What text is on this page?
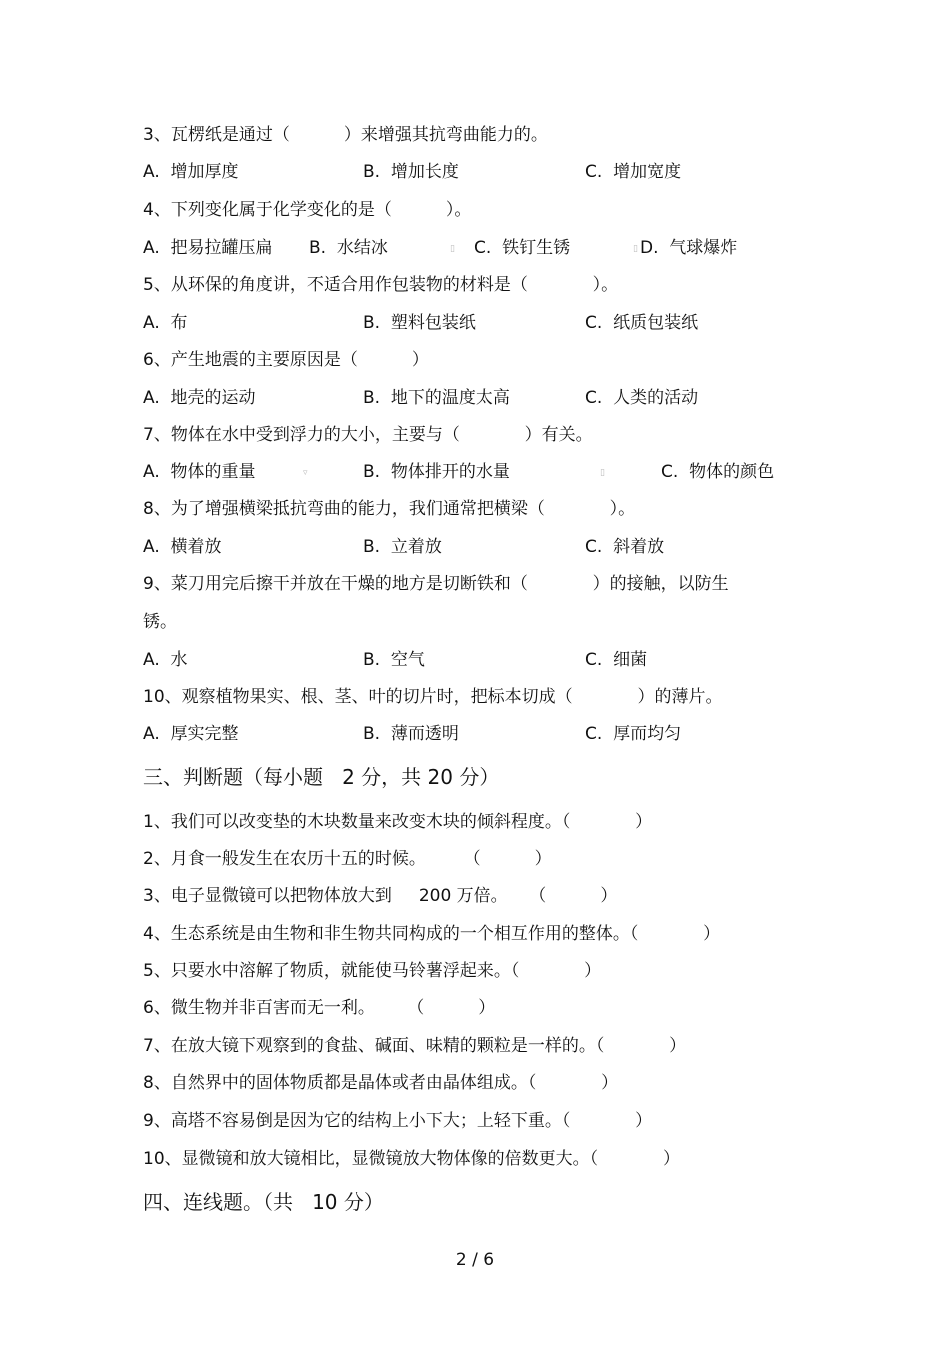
3、瓦楞纸是通过（          ）来增强其抗弯曲能力的。
A.  增加厚度	B.  增加长度	C.  增加宽度
4、下列变化属于化学变化的是（          ）。
A.  把易拉罐压扁 B.  水结冰	▯ C.  铁钉生锈	▯ D.  气球爆炸
5、从环保的角度讲，不适合用作包装物的材料是（            ）。
A.  布	B.  塑料包装纸	C.  纸质包装纸
6、产生地震的主要原因是（          ）
A.  地壳的运动	B.  地下的温度太高	C.  人类的活动
7、物体在水中受到浮力的大小，主要与（            ）有关。
A.  物体的重量	▿	B.  物体排开的水量	▯	C.  物体的颜色
8、为了增强横梁抵抗弯曲的能力，我们通常把横梁（            ）。
A.  横着放	B.  立着放	C.  斜着放
9、菜刀用完后擦干并放在干燥的地方是切断铁和（            ）的接触，以防生
锈。
A.  水	B.  空气	C.  细菌
10、观察植物果实、根、茎、叶的切片时，把标本切成（            ）的薄片。
A.  厚实完整	B.  薄而透明	C.  厚而均匀
三、判断题（每小题   2 分，共 20 分）
1、我们可以改变垫的木块数量来改变木块的倾斜程度。（            ）
2、月食一般发生在农历十五的时候。       （          ）
3、电子显微镜可以把物体放大到     200 万倍。    （          ）
4、生态系统是由生物和非生物共同构成的一个相互作用的整体。（            ）
5、只要水中溶解了物质，就能使马铃薯浮起来。（            ）
6、微生物并非百害而无一利。      （          ）
7、在放大镜下观察到的食盐、碱面、味精的颗粒是一样的。（            ）
8、自然界中的固体物质都是晶体或者由晶体组成。（            ）
9、高塔不容易倒是因为它的结构上小下大；上轻下重。（            ）
10、显微镜和放大镜相比，显微镜放大物体像的倍数更大。（            ）
四、连线题。（共   10 分）
2 / 6
